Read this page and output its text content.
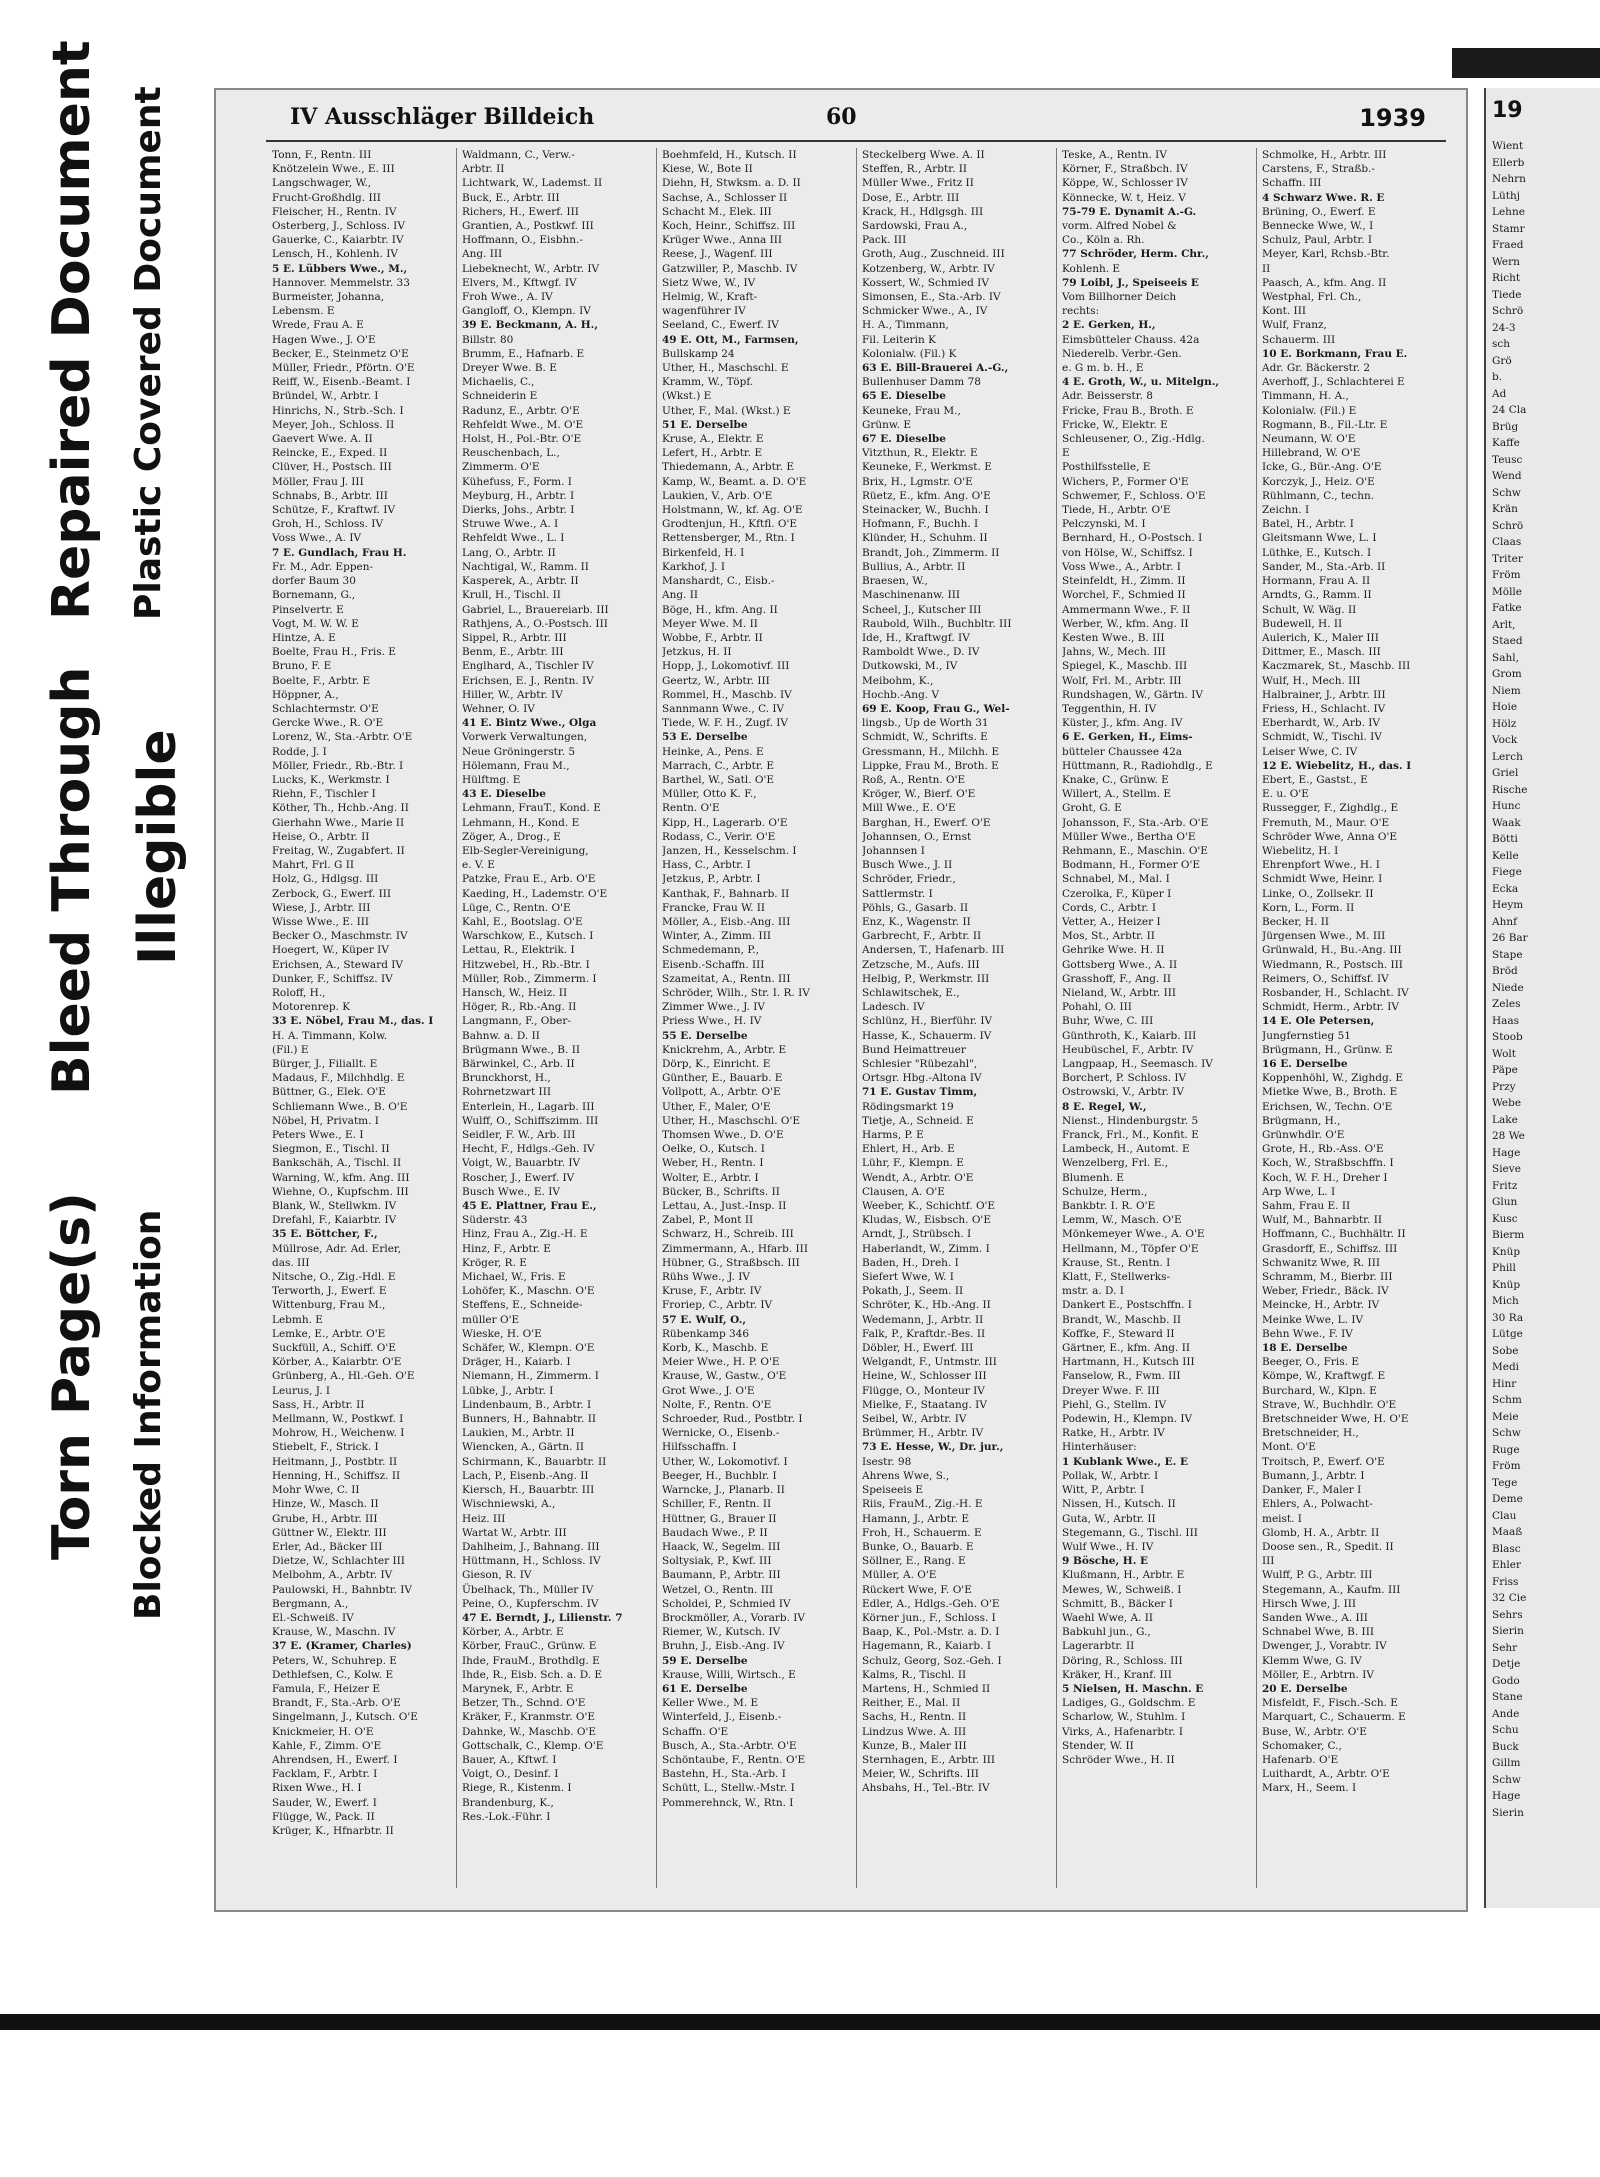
Repaired Document Plastic Covered Document
Bleed Through Illegible
Torn Page(s) Blocked Information
IV Ausschläger Billdeich	60	1939
Tonn, F., Rentn. III
Knötzelein Wwe., E. III
Langschwager, W.,
Frucht-Großhdlg. III
Fleischer, H., Rentn. IV
Osterberg, J., Schloss. IV
Gauerke, C., Kaiarbtr. IV
Lensch, H., Kohlenh. IV
5 E. Lübbers Wwe., M.,
Hannover. Memmelstr. 33
Burmeister, Johanna,
Lebensm. E
Wrede, Frau A. E
Hagen Wwe., J. O'E
Becker, E., Steinmetz O'E
Müller, Friedr., Pförtn. O'E
Reiff, W., Eisenb.-Beamt. I
Bründel, W., Arbtr. I
Hinrichs, N., Strb.-Sch. I
Meyer, Joh., Schloss. II
Gaevert Wwe. A. II
Reincke, E., Exped. II
Clüver, H., Postsch. III
Möller, Frau J. III
Schnabs, B., Arbtr. III
Schütze, F., Kraftwf. IV
Groh, H., Schloss. IV
Voss Wwe., A. IV
7 E. Gundlach, Frau H.
Fr. M., Adr. Eppen-
dorfer Baum 30
Bornemann, G.,
Pinselvertr. E
Vogt, M. W. W. E
Hintze, A. E
Boelte, Frau H., Fris. E
Bruno, F. E
Boelte, F., Arbtr. E
Höppner, A.,
Schlachtermstr. O'E
Gercke Wwe., R. O'E
Lorenz, W., Sta.-Arbtr. O'E
Rodde, J. I
Möller, Friedr., Rb.-Btr. I
Lucks, K., Werkmstr. I
Riehn, F., Tischler I
Köther, Th., Hchb.-Ang. II
Gierhahn Wwe., Marie II
Heise, O., Arbtr. II
Freitag, W., Zugabfert. II
Mahrt, Frl. G II
Holz, G., Hdlgsg. III
Zerbock, G., Ewerf. III
Wiese, J., Arbtr. III
Wisse Wwe., E. III
Becker O., Maschmstr. IV
Hoegert, W., Küper IV
Erichsen, A., Steward IV
Dunker, F., Schiffsz. IV
Roloff, H.,
Motorenrep. K
33 E. Nöbel, Frau M., das. I
H. A. Timmann, Kolw.
(Fil.) E
Bürger, J., Filiallt. E
Madaus, F., Milchhdlg. E
Büttner, G., Elek. O'E
Schliemann Wwe., B. O'E
Nöbel, H, Privatm. I
Peters Wwe., E. I
Siegmon, E., Tischl. II
Bankschäh, A., Tischl. II
Warning, W., kfm. Ang. III
Wiehne, O., Kupfschm. III
Blank, W., Stellwkm. IV
Drefahl, F., Kaiarbtr. IV
35 E. Böttcher, F.,
Müllrose, Adr. Ad. Erler,
das. III
Nitsche, O., Zig.-Hdl. E
Terworth, J., Ewerf. E
Wittenburg, Frau M.,
Lebmh. E
Lemke, E., Arbtr. O'E
Suckfüll, A., Schiff. O'E
Körber, A., Kaiarbtr. O'E
Grünberg, A., Hl.-Geh. O'E
Leurus, J. I
Sass, H., Arbtr. II
Mellmann, W., Postkwf. I
Mohrow, H., Weichenw. I
Stiebelt, F., Strick. I
Heitmann, J., Postbtr. II
Henning, H., Schiffsz. II
Mohr Wwe, C. II
Hinze, W., Masch. II
Grube, H., Arbtr. III
Güttner W., Elektr. III
Erler, Ad., Bäcker III
Dietze, W., Schlachter III
Melbohm, A., Arbtr. IV
Paulowski, H., Bahnbtr. IV
Bergmann, A.,
El.-Schweiß. IV
Krause, W., Maschn. IV
37 E. (Kramer, Charles)
Peters, W., Schuhrep. E
Dethlefsen, C., Kolw. E
Famula, F., Heizer E
Brandt, F., Sta.-Arb. O'E
Singelmann, J., Kutsch. O'E
Knickmeier, H. O'E
Kahle, F., Zimm. O'E
Ahrendsen, H., Ewerf. I
Facklam, F., Arbtr. I
Rixen Wwe., H. I
Sauder, W., Ewerf. I
Flügge, W., Pack. II
Krüger, K., Hfnarbtr. II
Waldmann, C., Verw.-
Arbtr. II
Lichtwark, W., Lademst. II
Buck, E., Arbtr. III
Richers, H., Ewerf. III
Grantien, A., Postkwf. III
Hoffmann, O., Eisbhn.-
Ang. III
Liebeknecht, W., Arbtr. IV
Elvers, M., Kftwgf. IV
Froh Wwe., A. IV
Gangloff, O., Klempn. IV
39 E. Beckmann, A. H.,
Billstr. 80
Brumm, E., Hafnarb. E
Dreyer Wwe. B. E
Michaelis, C.,
Schneiderin E
Radunz, E., Arbtr. O'E
Rehfeldt Wwe., M. O'E
Holst, H., Pol.-Btr. O'E
Reuschenbach, L.,
Zimmerm. O'E
Kühefuss, F., Form. I
Meyburg, H., Arbtr. I
Dierks, Johs., Arbtr. I
Struwe Wwe., A. I
Rehfeldt Wwe., L. I
Lang, O., Arbtr. II
Nachtigal, W., Ramm. II
Kasperek, A., Arbtr. II
Krull, H., Tischl. II
Gabriel, L., Brauereiarb. III
Rathjens, A., O.-Postsch. III
Sippel, R., Arbtr. III
Benm, E., Arbtr. III
Englhard, A., Tischler IV
Erichsen, E. J., Rentn. IV
Hiller, W., Arbtr. IV
Wehner, O. IV
41 E. Bintz Wwe., Olga
Vorwerk Verwaltungen,
Neue Gröningerstr. 5
Hölemann, Frau M.,
Hülftmg. E
43 E. Dieselbe
Lehmann, FrauT., Kond. E
Lehmann, H., Kond. E
Zöger, A., Drog., E
Elb-Segler-Vereinigung,
e. V. E
Patzke, Frau E., Arb. O'E
Kaeding, H., Lademstr. O'E
Lüge, C., Rentn. O'E
Kahl, E., Bootslag. O'E
Warschkow, E., Kutsch. I
Lettau, R., Elektrik. I
Hitzwebel, H., Rb.-Btr. I
Müller, Rob., Zimmerm. I
Hansch, W., Heiz. II
Höger, R., Rb.-Ang. II
Langmann, F., Ober-
Bahnw. a. D. II
Brügmann Wwe., B. II
Bärwinkel, C., Arb. II
Brunckhorst, H.,
Rohrnetzwart III
Enterlein, H., Lagarb. III
Wulff, O., Schiffszimm. III
Seidler, F. W., Arb. III
Hecht, F., Hdlgs.-Geh. IV
Voigt, W., Bauarbtr. IV
Roscher, J., Ewerf. IV
Busch Wwe., E. IV
45 E. Plattner, Frau E.,
Süderstr. 43
Hinz, Frau A., Zig.-H. E
Hinz, F., Arbtr. E
Kröger, R. E
Michael, W., Fris. E
Lohöfer, K., Maschn. O'E
Steffens, E., Schneide-
müller O'E
Wieske, H. O'E
Schäfer, W., Klempn. O'E
Dräger, H., Kaiarb. I
Niemann, H., Zimmerm. I
Lübke, J., Arbtr. I
Lindenbaum, B., Arbtr. I
Bunners, H., Bahnabtr. II
Laukien, M., Arbtr. II
Wiencken, A., Gärtn. II
Schirmann, K., Bauarbtr. II
Lach, P., Eisenb.-Ang. II
Kiersch, H., Bauarbtr. III
Wischniewski, A.,
Heiz. III
Wartat W., Arbtr. III
Dahlheim, J., Bahnang. III
Hüttmann, H., Schloss. IV
Gieson, R. IV
Übelhack, Th., Müller IV
Peine, O., Kupferschm. IV
47 E. Berndt, J., Lilienstr. 7
Körber, A., Arbtr. E
Körber, FrauC., Grünw. E
Ihde, FrauM., Brothdlg. E
Ihde, R., Eisb. Sch. a. D. E
Marynek, F., Arbtr. E
Betzer, Th., Schnd. O'E
Kräker, F., Kranmstr. O'E
Dahnke, W., Maschb. O'E
Gottschalk, C., Klemp. O'E
Bauer, A., Kftwf. I
Voigt, O., Desinf. I
Riege, R., Kistenm. I
Brandenburg, K.,
Res.-Lok.-Führ. I
Boehmfeld, H., Kutsch. II
Kiese, W., Bote II
Diehn, H, Stwksm. a. D. II
Sachse, A., Schlosser II
Schacht M., Elek. III
Koch, Heinr., Schiffsz. III
Krüger Wwe., Anna III
Reese, J., Wagenf. III
Gatzwiller, P., Maschb. IV
Sietz Wwe, W., IV
Helmig, W., Kraft-
wagenführer IV
Seeland, C., Ewerf. IV
49 E. Ott, M., Farmsen,
Bullskamp 24
Uther, H., Maschschl. E
Kramm, W., Töpf.
(Wkst.) E
Uther, F., Mal. (Wkst.) E
51 E. Derselbe
Kruse, A., Elektr. E
Lefert, H., Arbtr. E
Thiedemann, A., Arbtr. E
Kamp, W., Beamt. a. D. O'E
Laukien, V., Arb. O'E
Holstmann, W., kf. Ag. O'E
Grodtenjun, H., Kftfl. O'E
Rettensberger, M., Rtn. I
Birkenfeld, H. I
Karkhof, J. I
Manshardt, C., Eisb.-
Ang. II
Böge, H., kfm. Ang. II
Meyer Wwe. M. II
Wobbe, F., Arbtr. II
Jetzkus, H. II
Hopp, J., Lokomotivf. III
Geertz, W., Arbtr. III
Rommel, H., Maschb. IV
Sannmann Wwe., C. IV
Tiede, W. F. H., Zugf. IV
53 E. Derselbe
Heinke, A., Pens. E
Marrach, C., Arbtr. E
Barthel, W., Satl. O'E
Müller, Otto K. F.,
Rentn. O'E
Kipp, H., Lagerarb. O'E
Rodass, C., Verir. O'E
Janzen, H., Kesselschm. I
Hass, C., Arbtr. I
Jetzkus, P., Arbtr. I
Kanthak, F., Bahnarb. II
Francke, Frau W. II
Möller, A., Eisb.-Ang. III
Winter, A., Zimm. III
Schmedemann, P.,
Eisenb.-Schaffn. III
Szameitat, A., Rentn. III
Schröder, Wilh., Str. I. R. IV
Zimmer Wwe., J. IV
Priess Wwe., H. IV
55 E. Derselbe
Knickrehm, A., Arbtr. E
Dörp, K., Einricht. E
Günther, E., Bauarb. E
Vollpott, A., Arbtr. O'E
Uther, F., Maler, O'E
Uther, H., Maschschl. O'E
Thomsen Wwe., D. O'E
Oelke, O., Kutsch. I
Weber, H., Rentn. I
Wolter, E., Arbtr. I
Bücker, B., Schrifts. II
Lettau, A., Just.-Insp. II
Zabel, P., Mont II
Schwarz, H., Schreib. III
Zimmermann, A., Hfarb. III
Hübner, G., Straßbsch. III
Rühs Wwe., J. IV
Kruse, F., Arbtr. IV
Froriep, C., Arbtr. IV
57 E. Wulf, O.,
Rübenkamp 346
Korb, K., Maschb. E
Meier Wwe., H. P. O'E
Krause, W., Gastw., O'E
Grot Wwe., J. O'E
Nolte, F., Rentn. O'E
Schroeder, Rud., Postbtr. I
Wernicke, O., Eisenb.-
Hilfsschaffn. I
Uther, W., Lokomotivf. I
Beeger, H., Buchblr. I
Warncke, J., Planarb. II
Schiller, F., Rentn. II
Hüttner, G., Brauer II
Baudach Wwe., P. II
Haack, W., Segelm. III
Soltysiak, P., Kwf. III
Baumann, P., Arbtr. III
Wetzel, O., Rentn. III
Scholdei, P., Schmied IV
Brockmöller, A., Vorarb. IV
Riemer, W., Kutsch. IV
Bruhn, J., Eisb.-Ang. IV
59 E. Derselbe
Krause, Willi, Wirtsch., E
61 E. Derselbe
Keller Wwe., M. E
Winterfeld, J., Eisenb.-
Schaffn. O'E
Busch, A., Sta.-Arbtr. O'E
Schöntaube, F., Rentn. O'E
Bastehn, H., Sta.-Arb. I
Schütt, L., Stellw.-Mstr. I
Pommerehnck, W., Rtn. I
Steckelberg Wwe. A. II
Steffen, R., Arbtr. II
Müller Wwe., Fritz II
Dose, E., Arbtr. III
Krack, H., Hdlgsgh. III
Sardowski, Frau A.,
Pack. III
Groth, Aug., Zuschneid. III
Kotzenberg, W., Arbtr. IV
Kossert, W., Schmied IV
Simonsen, E., Sta.-Arb. IV
Schmicker Wwe., A., IV
H. A., Timmann,
Fil. Leiterin K
Kolonialw. (Fil.) K
63 E. Bill-Brauerei A.-G.,
Bullenhuser Damm 78
65 E. Dieselbe
Keuneke, Frau M.,
Grünw. E
67 E. Dieselbe
Vitzthun, R., Elektr. E
Keuneke, F., Werkmst. E
Brix, H., Lgmstr. O'E
Rüetz, E., kfm. Ang. O'E
Steinacker, W., Buchh. I
Hofmann, F., Buchh. I
Klünder, H., Schuhm. II
Brandt, Joh., Zimmerm. II
Bullius, A., Arbtr. II
Braesen, W.,
Maschinenanw. III
Scheel, J., Kutscher III
Raubold, Wilh., Buchbltr. III
Ide, H., Kraftwgf. IV
Ramboldt Wwe., D. IV
Dutkowski, M., IV
Meibohm, K.,
Hochb.-Ang. V
69 E. Koop, Frau G., Wel-
lingsb., Up de Worth 31
Schmidt, W., Schrifts. E
Gressmann, H., Milchh. E
Lippke, Frau M., Broth. E
Roß, A., Rentn. O'E
Kröger, W., Bierf. O'E
Mill Wwe., E. O'E
Barghan, H., Ewerf. O'E
Johannsen, O., Ernst
Johannsen I
Busch Wwe., J. II
Schröder, Friedr.,
Sattlermstr. I
Pöhls, G., Gasarb. II
Enz, K., Wagenstr. II
Garbrecht, F., Arbtr. II
Andersen, T., Hafenarb. III
Zetzsche, M., Aufs. III
Helbig, P., Werkmstr. III
Schlawitschek, E.,
Ladesch. IV
Schlünz, H., Bierführ. IV
Hasse, K., Schauerm. IV
Bund Heimattreuer
Schlesier "Rübezahl",
Ortsgr. Hbg.-Altona IV
71 E. Gustav Timm,
Rödingsmarkt 19
Tietje, A., Schneid. E
Harms, P. E
Ehlert, H., Arb. E
Lühr, F., Klempn. E
Wendt, A., Arbtr. O'E
Clausen, A. O'E
Weeber, K., Schichtf. O'E
Kludas, W., Eisbsch. O'E
Arndt, J., Strübsch. I
Haberlandt, W., Zimm. I
Baden, H., Dreh. I
Siefert Wwe, W. I
Pokath, J., Seem. II
Schröter, K., Hb.-Ang. II
Wedemann, J., Arbtr. II
Falk, P., Kraftdr.-Bes. II
Döbler, H., Ewerf. III
Welgandt, F., Untmstr. III
Heine, W., Schlosser III
Flügge, O., Monteur IV
Mielke, F., Staatang. IV
Seibel, W., Arbtr. IV
Brümmer, H., Arbtr. IV
73 E. Hesse, W., Dr. jur.,
Isestr. 98
Ahrens Wwe, S.,
Speiseeis E
Riis, FrauM., Zig.-H. E
Hamann, J., Arbtr. E
Froh, H., Schauerm. E
Bunke, O., Bauarb. E
Söllner, E., Rang. E
Müller, A. O'E
Rückert Wwe, F. O'E
Edler, A., Hdlgs.-Geh. O'E
Körner jun., F., Schloss. I
Baap, K., Pol.-Mstr. a. D. I
Hagemann, R., Kaiarb. I
Schulz, Georg, Soz.-Geh. I
Kalms, R., Tischl. II
Martens, H., Schmied II
Reither, E., Mal. II
Sachs, H., Rentn. II
Lindzus Wwe. A. III
Kunze, B., Maler III
Sternhagen, E., Arbtr. III
Meier, W., Schrifts. III
Ahsbahs, H., Tel.-Btr. IV
Teske, A., Rentn. IV
Körner, F., Straßbch. IV
Köppe, W., Schlosser IV
Könnecke, W. t, Heiz. V
75-79 E. Dynamit A.-G.
vorm. Alfred Nobel &
Co., Köln a. Rh.
77 Schröder, Herm. Chr.,
Kohlenh. E
79 Loibl, J., Speiseeis E
Vom Billhorner Deich
rechts:
2 E. Gerken, H.,
Eimsbütteler Chauss. 42a
Niederelb. Verbr.-Gen.
e. G m. b. H., E
4 E. Groth, W., u. Mitelgn.,
Adr. Beisserstr. 8
Fricke, Frau B., Broth. E
Fricke, W., Elektr. E
Schleusener, O., Zig.-Hdlg.
E
Posthilfsstelle, E
Wichers, P., Former O'E
Schwemer, F., Schloss. O'E
Tiede, H., Arbtr. O'E
Pelczynski, M. I
Bernhard, H., O-Postsch. I
von Hölse, W., Schiffsz. I
Voss Wwe., A., Arbtr. I
Steinfeldt, H., Zimm. II
Worchel, F., Schmied II
Ammermann Wwe., F. II
Werber, W., kfm. Ang. II
Kesten Wwe., B. III
Jahns, W., Mech. III
Spiegel, K., Maschb. III
Wolf, Frl. M., Arbtr. III
Rundshagen, W., Gärtn. IV
Teggenthin, H. IV
Küster, J., kfm. Ang. IV
6 E. Gerken, H., Eims-
bütteler Chaussee 42a
Hüttmann, R., Radiohdlg., E
Knake, C., Grünw. E
Willert, A., Stellm. E
Groht, G. E
Johansson, F., Sta.-Arb. O'E
Müller Wwe., Bertha O'E
Rehmann, E., Maschin. O'E
Bodmann, H., Former O'E
Schnabel, M., Mal. I
Czerolka, F., Küper I
Cords, C., Arbtr. I
Vetter, A., Heizer I
Mos, St., Arbtr. II
Gehrike Wwe. H. II
Gottsberg Wwe., A. II
Grasshoff, F., Ang. II
Nieland, W., Arbtr. III
Pohahl, O. III
Buhr, Wwe, C. III
Günthroth, K., Kaiarb. III
Heubüschel, F., Arbtr. IV
Langpaap, H., Seemasch. IV
Borchert, P. Schloss. IV
Ostrowski, V., Arbtr. IV
8 E. Regel, W.,
Nienst., Hindenburgstr. 5
Franck, Frl., M., Konfit. E
Lambeck, H., Automt. E
Wenzelberg, Frl. E.,
Blumenh. E
Schulze, Herm.,
Bankbtr. I. R. O'E
Lemm, W., Masch. O'E
Mönkemeyer Wwe., A. O'E
Hellmann, M., Töpfer O'E
Krause, St., Rentn. I
Klatt, F., Stellwerks-
mstr. a. D. I
Dankert E., Postschffn. I
Brandt, W., Maschb. II
Koffke, F., Steward II
Gärtner, E., kfm. Ang. II
Hartmann, H., Kutsch III
Fanselow, R., Fwm. III
Dreyer Wwe. F. III
Piehl, G., Stellm. IV
Podewin, H., Klempn. IV
Ratke, H., Arbtr. IV
Hinterhäuser:
1 Kublank Wwe., E. E
Pollak, W., Arbtr. I
Witt, P., Arbtr. I
Nissen, H., Kutsch. II
Guta, W., Arbtr. II
Stegemann, G., Tischl. III
Wulf Wwe., H. IV
9 Bösche, H. E
Klußmann, H., Arbtr. E
Mewes, W., Schweiß. I
Schmitt, B., Bäcker I
Waehl Wwe, A. II
Babkuhl jun., G.,
Lagerarbtr. II
Döring, R., Schloss. III
Kräker, H., Kranf. III
5 Nielsen, H. Maschn. E
Ladiges, G., Goldschm. E
Scharlow, W., Stuhlm. I
Virks, A., Hafenarbtr. I
Stender, W. II
Schröder Wwe., H. II
Schmolke, H., Arbtr. III
Carstens, F., Straßb.-
Schaffn. III
4 Schwarz Wwe. R. E
Brüning, O., Ewerf. E
Bennecke Wwe, W., I
Schulz, Paul, Arbtr. I
Meyer, Karl, Rchsb.-Btr.
II
Paasch, A., kfm. Ang. II
Westphal, Frl. Ch.,
Kont. III
Wulf, Franz,
Schauerm. III
10 E. Borkmann, Frau E.
Adr. Gr. Bäckerstr. 2
Averhoff, J., Schlachterei E
Timmann, H. A.,
Kolonialw. (Fil.) E
Rogmann, B., Fil.-Ltr. E
Neumann, W. O'E
Hillebrand, W. O'E
Icke, G., Bür.-Ang. O'E
Korczyk, J., Heiz. O'E
Rühlmann, C., techn.
Zeichn. I
Batel, H., Arbtr. I
Gleitsmann Wwe, L. I
Lüthke, E., Kutsch. I
Sander, M., Sta.-Arb. II
Hormann, Frau A. II
Arndts, G., Ramm. II
Schult, W. Wäg. II
Budewell, H. II
Aulerich, K., Maler III
Dittmer, E., Masch. III
Kaczmarek, St., Maschb. III
Wulf, H., Mech. III
Halbrainer, J., Arbtr. III
Friess, H., Schlacht. IV
Eberhardt, W., Arb. IV
Schmidt, W., Tischl. IV
Leiser Wwe, C. IV
12 E. Wiebelitz, H., das. I
Ebert, E., Gastst., E
E. u. O'E
Russegger, F., Zighdlg., E
Fremuth, M., Maur. O'E
Schröder Wwe, Anna O'E
Wiebelitz, H. I
Ehrenpfort Wwe., H. I
Schmidt Wwe, Heinr. I
Linke, O., Zollsekr. II
Korn, L., Form. II
Becker, H. II
Jürgensen Wwe., M. III
Grünwald, H., Bu.-Ang. III
Wiedmann, R., Postsch. III
Reimers, O., Schiffsf. IV
Rosbander, H., Schlacht. IV
Schmidt, Herm., Arbtr. IV
14 E. Ole Petersen,
Jungfernstieg 51
Brügmann, H., Grünw. E
16 E. Derselbe
Koppenhöhl, W., Zighdg. E
Mietke Wwe, B., Broth. E
Erichsen, W., Techn. O'E
Brügmann, H.,
Grünwhdlr. O'E
Grote, H., Rb.-Ass. O'E
Koch, W., Straßbschffn. I
Koch, W. F. H., Dreher I
Arp Wwe, L. I
Sahm, Frau E. II
Wulf, M., Bahnarbtr. II
Hoffmann, C., Buchhältr. II
Grasdorff, E., Schiffsz. III
Schwanitz Wwe, R. III
Schramm, M., Bierbr. III
Weber, Friedr., Bäck. IV
Meincke, H., Arbtr. IV
Meinke Wwe, L. IV
Behn Wwe., F. IV
18 E. Derselbe
Beeger, O., Fris. E
Kömpe, W., Kraftwgf. E
Burchard, W., Klpn. E
Strave, W., Buchhdlr. O'E
Bretschneider Wwe, H. O'E
Bretschneider, H.,
Mont. O'E
Troitsch, P., Ewerf. O'E
Bumann, J., Arbtr. I
Danker, F., Maler I
Ehlers, A., Polwacht-
meist. I
Glomb, H. A., Arbtr. II
Doose sen., R., Spedit. II
III
Wulff, P. G., Arbtr. III
Stegemann, A., Kaufm. III
Hirsch Wwe, J. III
Sanden Wwe., A. III
Schnabel Wwe, B. III
Dwenger, J., Vorabtr. IV
Klemm Wwe, G. IV
Möller, E., Arbtrn. IV
20 E. Derselbe
Misfeldt, F., Fisch.-Sch. E
Marquart, C., Schauerm. E
Buse, W., Arbtr. O'E
Schomaker, C.,
Hafenarb. O'E
Luithardt, A., Arbtr. O'E
Marx, H., Seem. I
19
Wient
Ellerb
Nehrn
Lüthj
Lehne
Stamr
Fraed
Wern
Richt
Tiede
Schrö
24-3
sch
Grö
b.
Ad
24 Cla
Brüg
Kaffe
Teusc
Wend
Schw
Krän
Schrö
Claas
Triter
Fröm
Mölle
Fatke
Arlt,
Staed
Sahl,
Grom
Niem
Hoie
Hölz
Vock
Lerch
Griel
Rische
Hunc
Waak
Bötti
Kelle
Fiege
Ecka
Heym
Ahnf
26 Bar
Stape
Bröd
Niede
Zeles
Haas
Stoob
Wolt
Päpe
Przy
Webe
Lake
28 We
Hage
Sieve
Fritz
Glun
Kusc
Bierm
Knüp
Phill
Knüp
Mich
30 Ra
Lütge
Sobe
Medi
Hinr
Schm
Meie
Schw
Ruge
Fröm
Tege
Deme
Clau
Maaß
Blasc
Ehler
Friss
32 Cie
Sehrs
Sierin
Sehr
Detje
Godo
Stane
Ande
Schu
Buck
Gillm
Schw
Hage
Sierin
